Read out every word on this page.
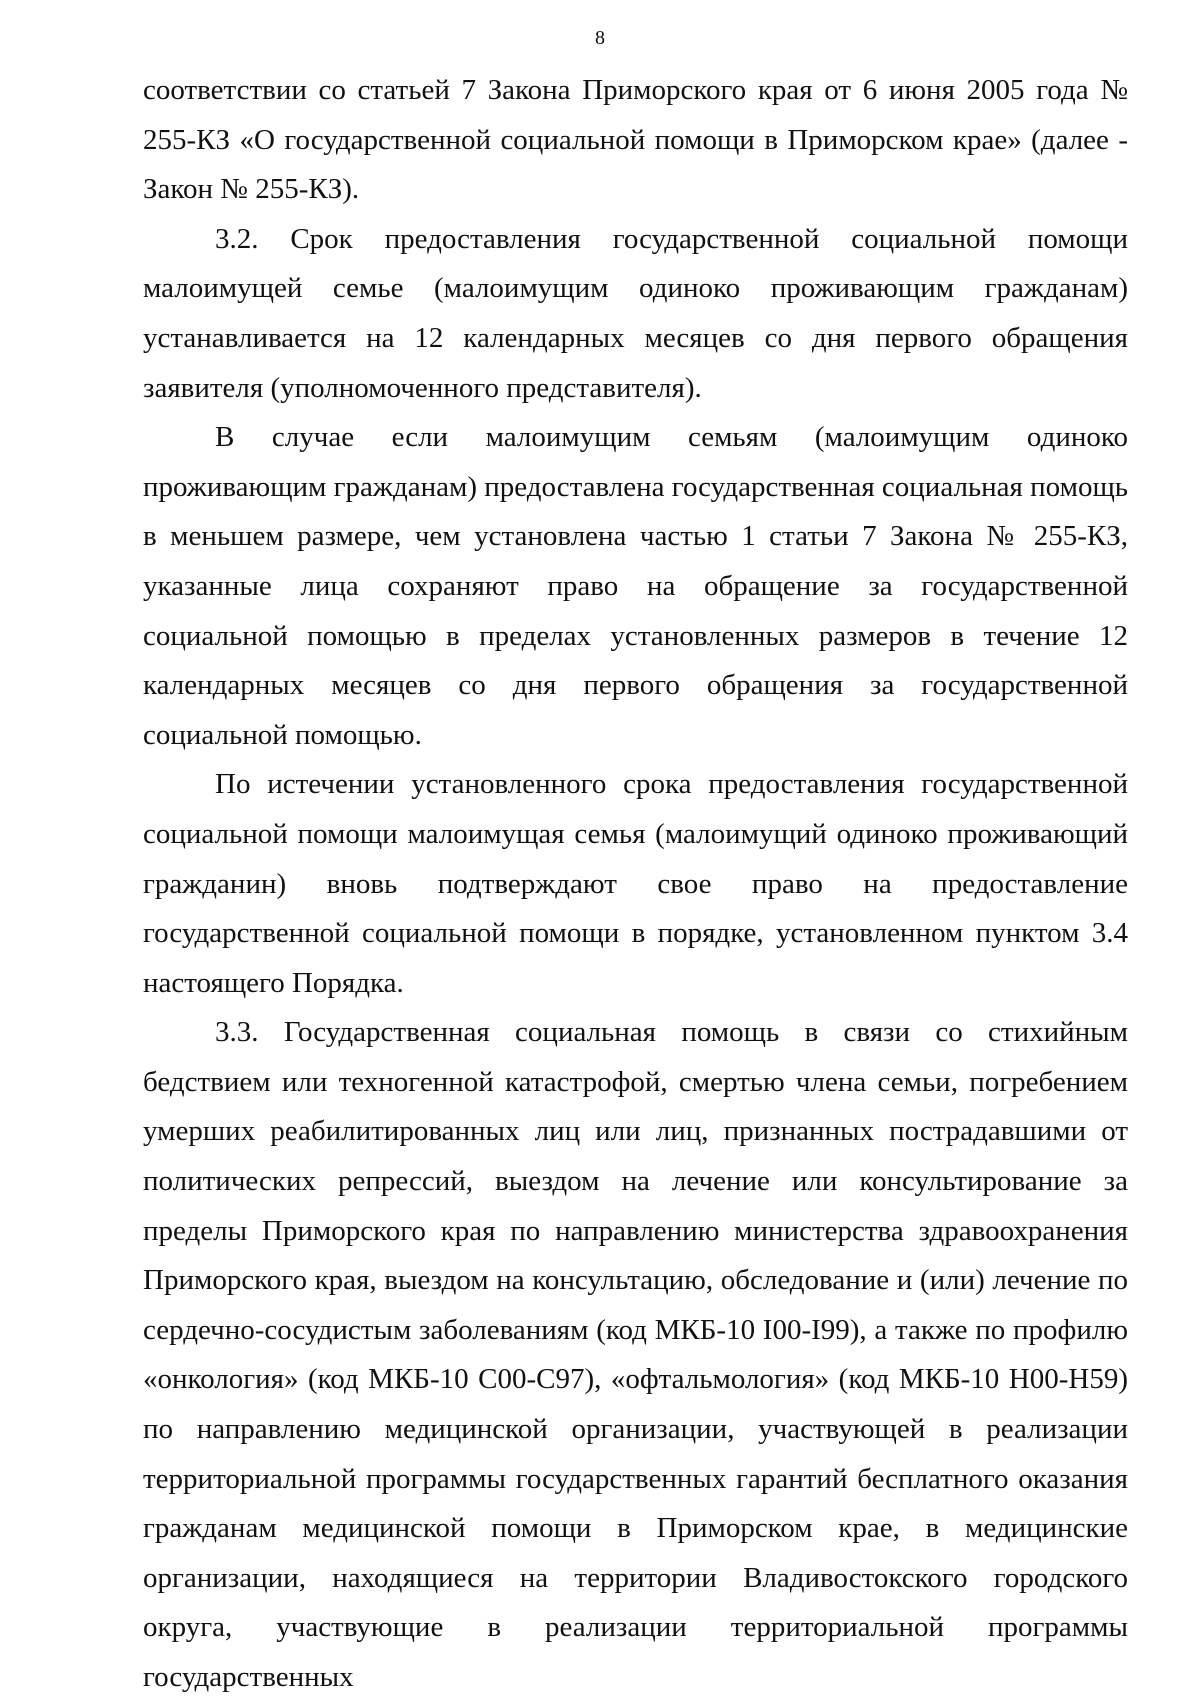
8

соответствии со статьей 7 Закона Приморского края от 6 июня 2005 года № 255-КЗ «О государственной социальной помощи в Приморском крае» (далее - Закон № 255-КЗ).

3.2. Срок предоставления государственной социальной помощи малоимущей семье (малоимущим одиноко проживающим гражданам) устанавливается на 12 календарных месяцев со дня первого обращения заявителя (уполномоченного представителя).

В случае если малоимущим семьям (малоимущим одиноко проживающим гражданам) предоставлена государственная социальная помощь в меньшем размере, чем установлена частью 1 статьи 7 Закона № 255-КЗ, указанные лица сохраняют право на обращение за государственной социальной помощью в пределах установленных размеров в течение 12 календарных месяцев со дня первого обращения за государственной социальной помощью.

По истечении установленного срока предоставления государственной социальной помощи малоимущая семья (малоимущий одиноко проживающий гражданин) вновь подтверждают свое право на предоставление государственной социальной помощи в порядке, установленном пунктом 3.4 настоящего Порядка.

3.3. Государственная социальная помощь в связи со стихийным бедствием или техногенной катастрофой, смертью члена семьи, погребением умерших реабилитированных лиц или лиц, признанных пострадавшими от политических репрессий, выездом на лечение или консультирование за пределы Приморского края по направлению министерства здравоохранения Приморского края, выездом на консультацию, обследование и (или) лечение по сердечно-сосудистым заболеваниям (код МКБ-10 I00-I99), а также по профилю «онкология» (код МКБ-10 C00-C97), «офтальмология» (код МКБ-10 H00-H59) по направлению медицинской организации, участвующей в реализации территориальной программы государственных гарантий бесплатного оказания гражданам медицинской помощи в Приморском крае, в медицинские организации, находящиеся на территории Владивостокского городского округа, участвующие в реализации территориальной программы государственных
